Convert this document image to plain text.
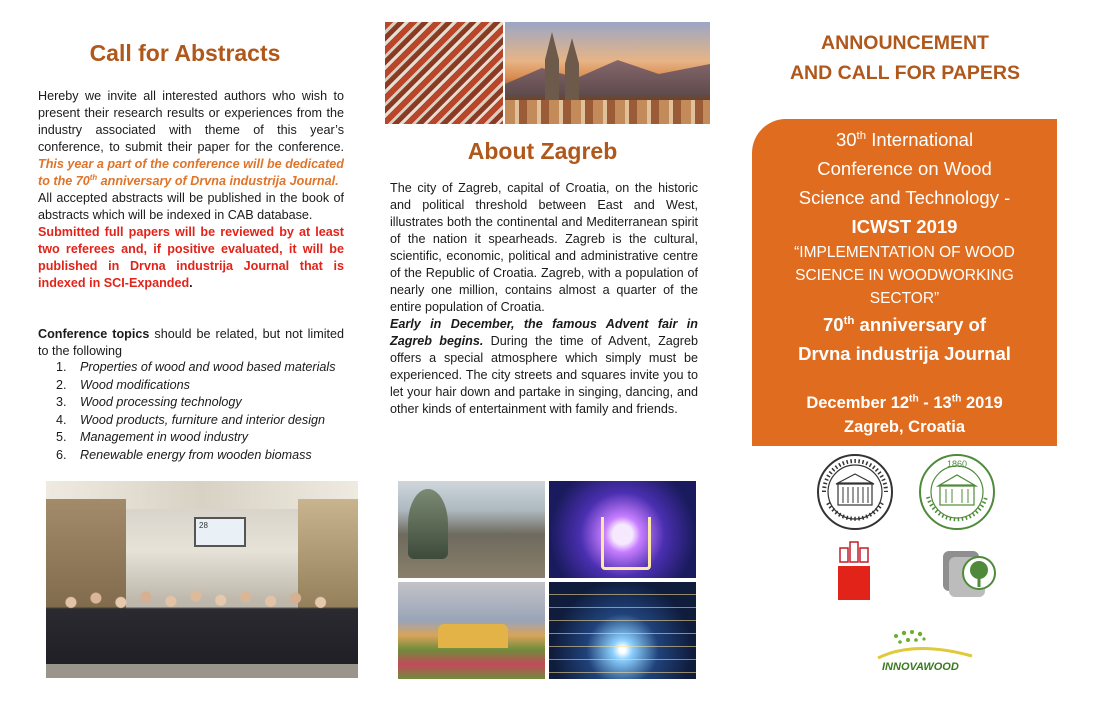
Call for Abstracts

Hereby we invite all interested authors who wish to present their research results or experiences from the industry associated with theme of this year’s conference, to submit their paper for the conference. This year a part of the conference will be dedicated to the 70th anniversary of Drvna industrija Journal.

All accepted abstracts will be published in the book of abstracts which will be indexed in CAB database.

Submitted full papers will be reviewed by at least two referees and, if positive evaluated, it will be published in Drvna industrija Journal that is indexed in SCI-Expanded.

Conference topics should be related, but not limited to the following
1. Properties of wood and wood based materials
2. Wood modifications
3. Wood processing technology
4. Wood products, furniture and interior design
5. Management in wood industry
6. Renewable energy from wooden biomass
28
About Zagreb

The city of Zagreb, capital of Croatia, on the historic and political threshold between East and West, illustrates both the continental and Mediterranean spirit of the nation it spearheads. Zagreb is the cultural, scientific, economic, political and administrative centre of the Republic of Croatia. Zagreb, with a population of nearly one million, contains almost a quarter of the entire population of Croatia.

Early in December, the famous Advent fair in Zagreb begins. During the time of Advent, Zagreb offers a special atmosphere which simply must be experienced. The city streets and squares invite you to let your hair down and partake in singing, dancing, and other kinds of entertainment with family and friends.

ANNOUNCEMENT
AND CALL FOR PAPERS
30th International
Conference on Wood
Science and Technology -
ICWST 2019
“IMPLEMENTATION OF WOOD
SCIENCE IN WOODWORKING
SECTOR”
70th anniversary of
Drvna industrija Journal
December 12th - 13th 2019
Zagreb, Croatia
1860
INNOVAWOOD
